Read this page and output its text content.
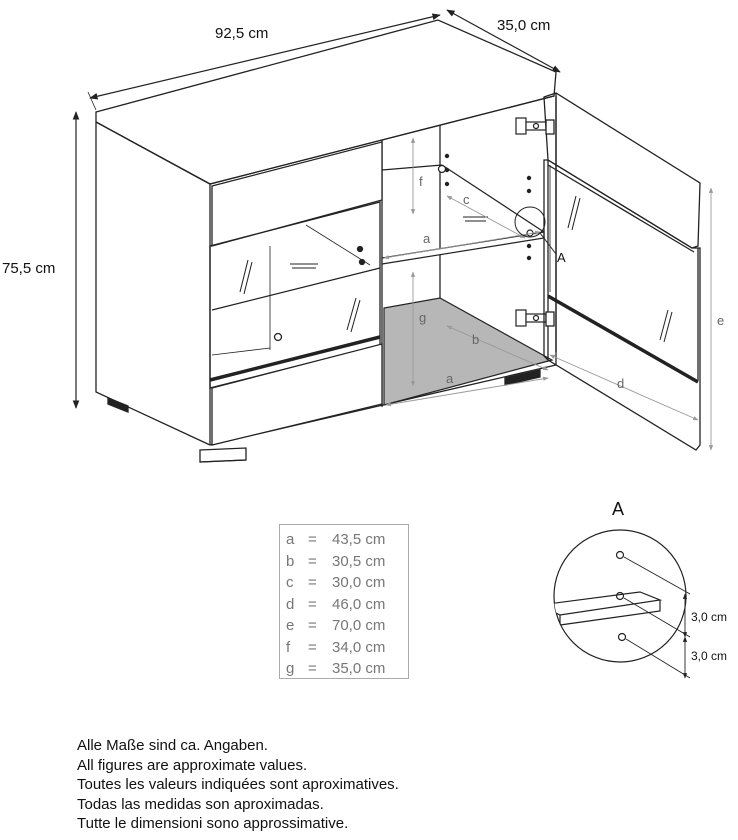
92,5 cm	35,0 cm
75,5 cm
f
g
c
a
b
a	d
e
A
a =	43,5 cm
b =	30,5 cm
c =	30,0 cm
d =	46,0 cm
e =	70,0 cm
f	=	34,0 cm
g =	35,0 cm
A
3,0 cm
3,0 cm
Alle Maße sind ca. Angaben.
All figures are approximate values.
Toutes les valeurs indiquées sont aproximatives.
Todas las medidas son aproximadas.
Tutte le dimensioni sono approssimative.
